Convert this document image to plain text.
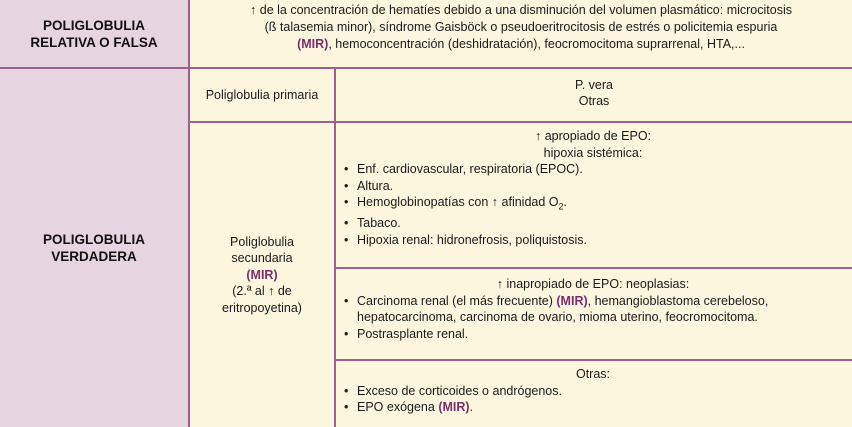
POLIGLOBULIA
RELATIVA O FALSA
POLIGLOBULIA
VERDADERA
↑ de la concentración de hematíes debido a una disminución del volumen plasmático: microcitosis
(ß talasemia minor), síndrome Gaisböck o pseudoeritrocitosis de estrés o policitemia espuria
(MIR), hemoconcentración (deshidratación), feocromocitoma suprarrenal, HTA,...
Poliglobulia primaria
P. vera
Otras
Poliglobulia
secundaria
(MIR)
(2.ª al ↑ de
eritropoyetina)
↑ apropiado de EPO:
hipoxia sistémica:
• Enf. cardiovascular, respiratoria (EPOC).
• Altura.
• Hemoglobinopatías con ↑ afinidad $O_2$.
• Tabaco.
• Hipoxia renal: hidronefrosis, poliquistosis.
↑ inapropiado de EPO: neoplasias:
• Carcinoma renal (el más frecuente) (MIR), hemangioblastoma cerebeloso,
hepatocarcinoma, carcinoma de ovario, mioma uterino, feocromocitoma.
• Postrasplante renal.
Otras:
• Exceso de corticoides o andrógenos.
• EPO exógena (MIR).
